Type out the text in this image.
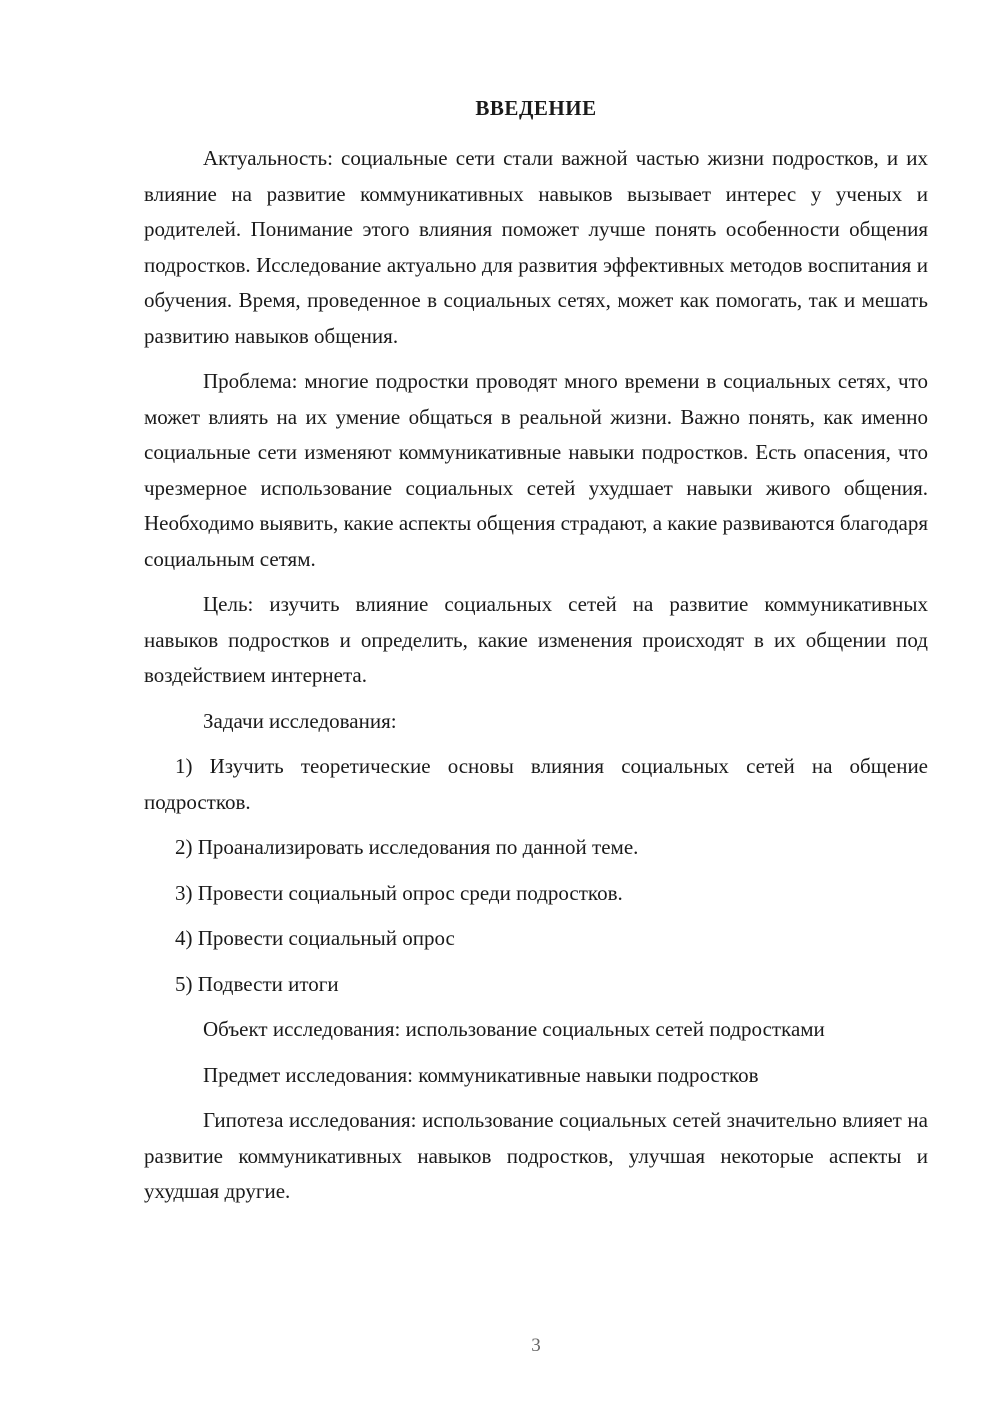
ВВЕДЕНИЕ

Актуальность: социальные сети стали важной частью жизни подростков, и их влияние на развитие коммуникативных навыков вызывает интерес у ученых и родителей. Понимание этого влияния поможет лучше понять особенности общения подростков. Исследование актуально для развития эффективных методов воспитания и обучения. Время, проведенное в социальных сетях, может как помогать, так и мешать развитию навыков общения.

Проблема: многие подростки проводят много времени в социальных сетях, что может влиять на их умение общаться в реальной жизни. Важно понять, как именно социальные сети изменяют коммуникативные навыки подростков. Есть опасения, что чрезмерное использование социальных сетей ухудшает навыки живого общения. Необходимо выявить, какие аспекты общения страдают, а какие развиваются благодаря социальным сетям.

Цель: изучить влияние социальных сетей на развитие коммуникативных навыков подростков и определить, какие изменения происходят в их общении под воздействием интернета.

Задачи исследования:

1) Изучить теоретические основы влияния социальных сетей на общение подростков.

2) Проанализировать исследования по данной теме.

3) Провести социальный опрос среди подростков.

4) Провести социальный опрос

5) Подвести итоги

Объект исследования: использование социальных сетей подростками

Предмет исследования: коммуникативные навыки подростков

Гипотеза исследования: использование социальных сетей значительно влияет на развитие коммуникативных навыков подростков, улучшая некоторые аспекты и ухудшая другие.

3
